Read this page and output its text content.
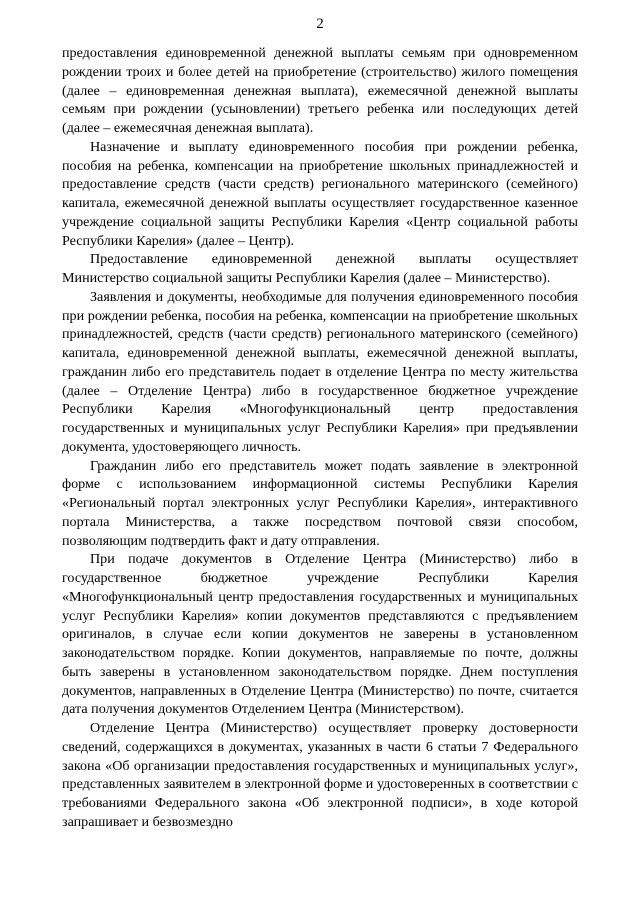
2

предоставления единовременной денежной выплаты семьям при одновременном рождении троих и более детей на приобретение (строительство) жилого помещения (далее – единовременная денежная выплата), ежемесячной денежной выплаты семьям при рождении (усыновлении) третьего ребенка или последующих детей (далее – ежемесячная денежная выплата).

Назначение и выплату единовременного пособия при рождении ребенка, пособия на ребенка, компенсации на приобретение школьных принадлежностей и предоставление средств (части средств) регионального материнского (семейного) капитала, ежемесячной денежной выплаты осуществляет государственное казенное учреждение социальной защиты Республики Карелия «Центр социальной работы Республики Карелия» (далее – Центр).

Предоставление единовременной денежной выплаты осуществляет Министерство социальной защиты Республики Карелия (далее – Министерство).

Заявления и документы, необходимые для получения единовременного пособия при рождении ребенка, пособия на ребенка, компенсации на приобретение школьных принадлежностей, средств (части средств) регионального материнского (семейного) капитала, единовременной денежной выплаты, ежемесячной денежной выплаты, гражданин либо его представитель подает в отделение Центра по месту жительства (далее – Отделение Центра) либо в государственное бюджетное учреждение Республики Карелия «Многофункциональный центр предоставления государственных и муниципальных услуг Республики Карелия» при предъявлении документа, удостоверяющего личность.

Гражданин либо его представитель может подать заявление в электронной форме с использованием информационной системы Республики Карелия «Региональный портал электронных услуг Республики Карелия», интерактивного портала Министерства, а также посредством почтовой связи способом, позволяющим подтвердить факт и дату отправления.

При подаче документов в Отделение Центра (Министерство) либо в государственное бюджетное учреждение Республики Карелия «Многофункциональный центр предоставления государственных и муниципальных услуг Республики Карелия» копии документов представляются с предъявлением оригиналов, в случае если копии документов не заверены в установленном законодательством порядке. Копии документов, направляемые по почте, должны быть заверены в установленном законодательством порядке. Днем поступления документов, направленных в Отделение Центра (Министерство) по почте, считается дата получения документов Отделением Центра (Министерством).

Отделение Центра (Министерство) осуществляет проверку достоверности сведений, содержащихся в документах, указанных в части 6 статьи 7 Федерального закона «Об организации предоставления государственных и муниципальных услуг», представленных заявителем в электронной форме и удостоверенных в соответствии с требованиями Федерального закона «Об электронной подписи», в ходе которой запрашивает и безвозмездно
